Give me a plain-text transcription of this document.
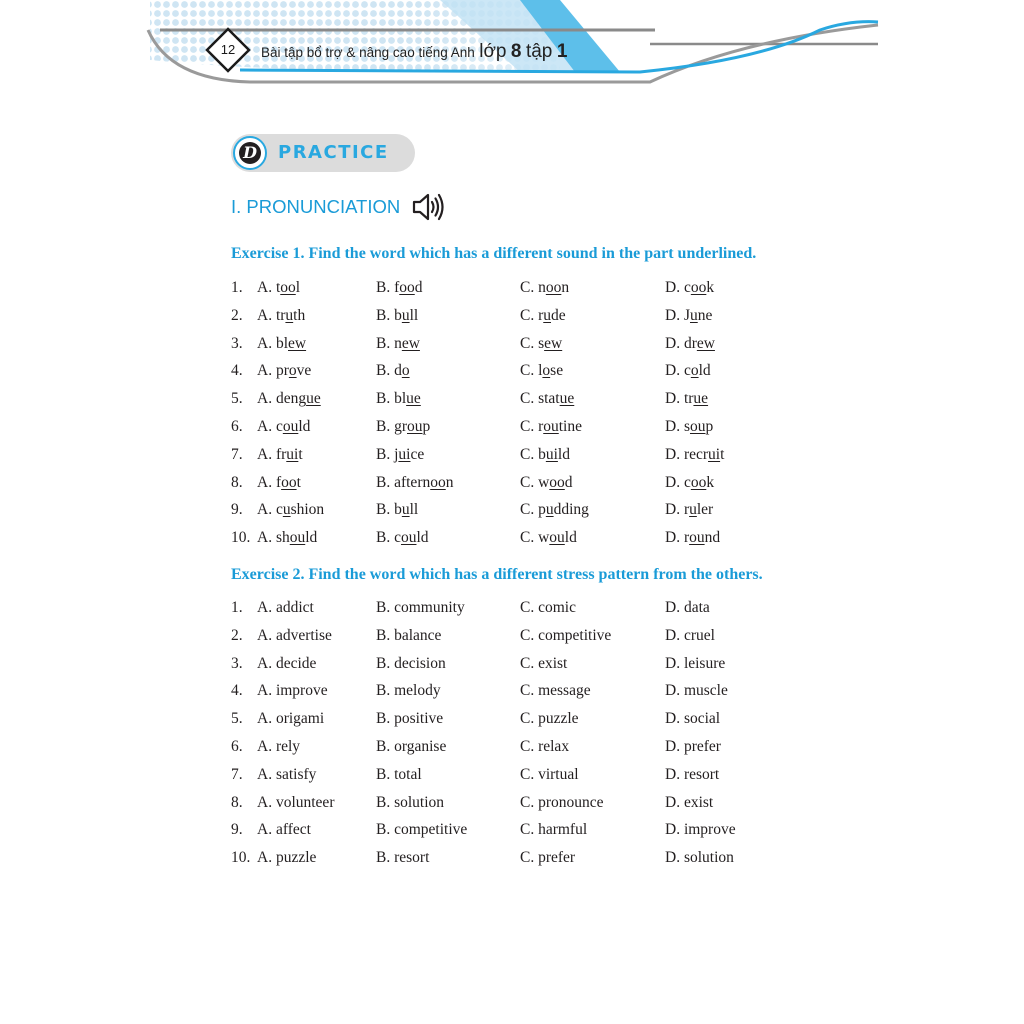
12	Bài tập bổ trợ & nâng cao tiếng Anh lớp 8 tập 1
D PRACTICE
I. PRONUNCIATION
Exercise 1. Find the word which has a different sound in the part underlined.
1. A. tool	B. food	C. noon	D. cook
2. A. truth	B. bull	C. rude	D. June
3. A. blew	B. new	C. sew	D. drew
4. A. prove	B. do	C. lose	D. cold
5. A. dengue	B. blue	C. statue	D. true
6. A. could	B. group	C. routine	D. soup
7. A. fruit	B. juice	C. build	D. recruit
8. A. foot	B. afternoon	C. wood	D. cook
9. A. cushion	B. bull	C. pudding	D. ruler
10. A. should	B. could	C. would	D. round
Exercise 2. Find the word which has a different stress pattern from the others.
1. A. addict	B. community	C. comic	D. data
2. A. advertise	B. balance	C. competitive	D. cruel
3. A. decide	B. decision	C. exist	D. leisure
4. A. improve	B. melody	C. message	D. muscle
5. A. origami	B. positive	C. puzzle	D. social
6. A. rely	B. organise	C. relax	D. prefer
7. A. satisfy	B. total	C. virtual	D. resort
8. A. volunteer	B. solution	C. pronounce	D. exist
9. A. affect	B. competitive	C. harmful	D. improve
10. A. puzzle	B. resort	C. prefer	D. solution
